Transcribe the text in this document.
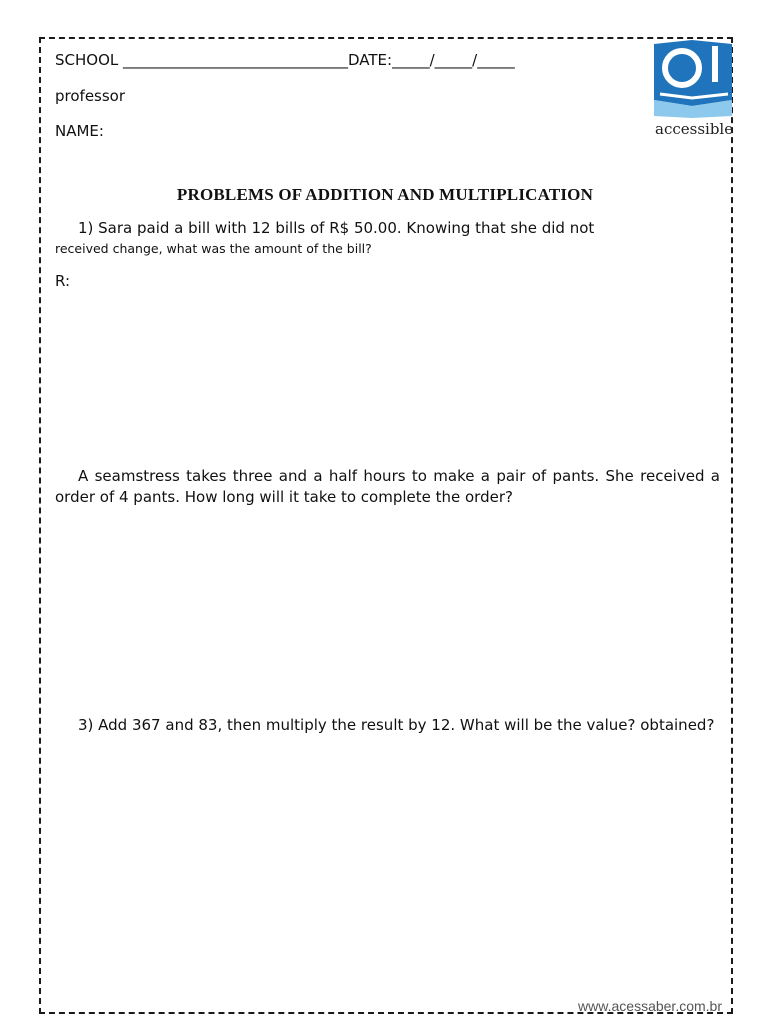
SCHOOL ______________________________DATE:_____/_____/_____
professor
NAME:	accessible
PROBLEMS OF ADDITION AND MULTIPLICATION
1) Sara paid a bill with 12 bills of R$ 50.00. Knowing that she did not
received change, what was the amount of the bill?
R:
A seamstress takes three and a half hours to make a pair of pants. She received a order of 4 pants. How long will it take to complete the order?
3) Add 367 and 83, then multiply the result by 12. What will be the value? obtained?
www.acessaber.com.br
